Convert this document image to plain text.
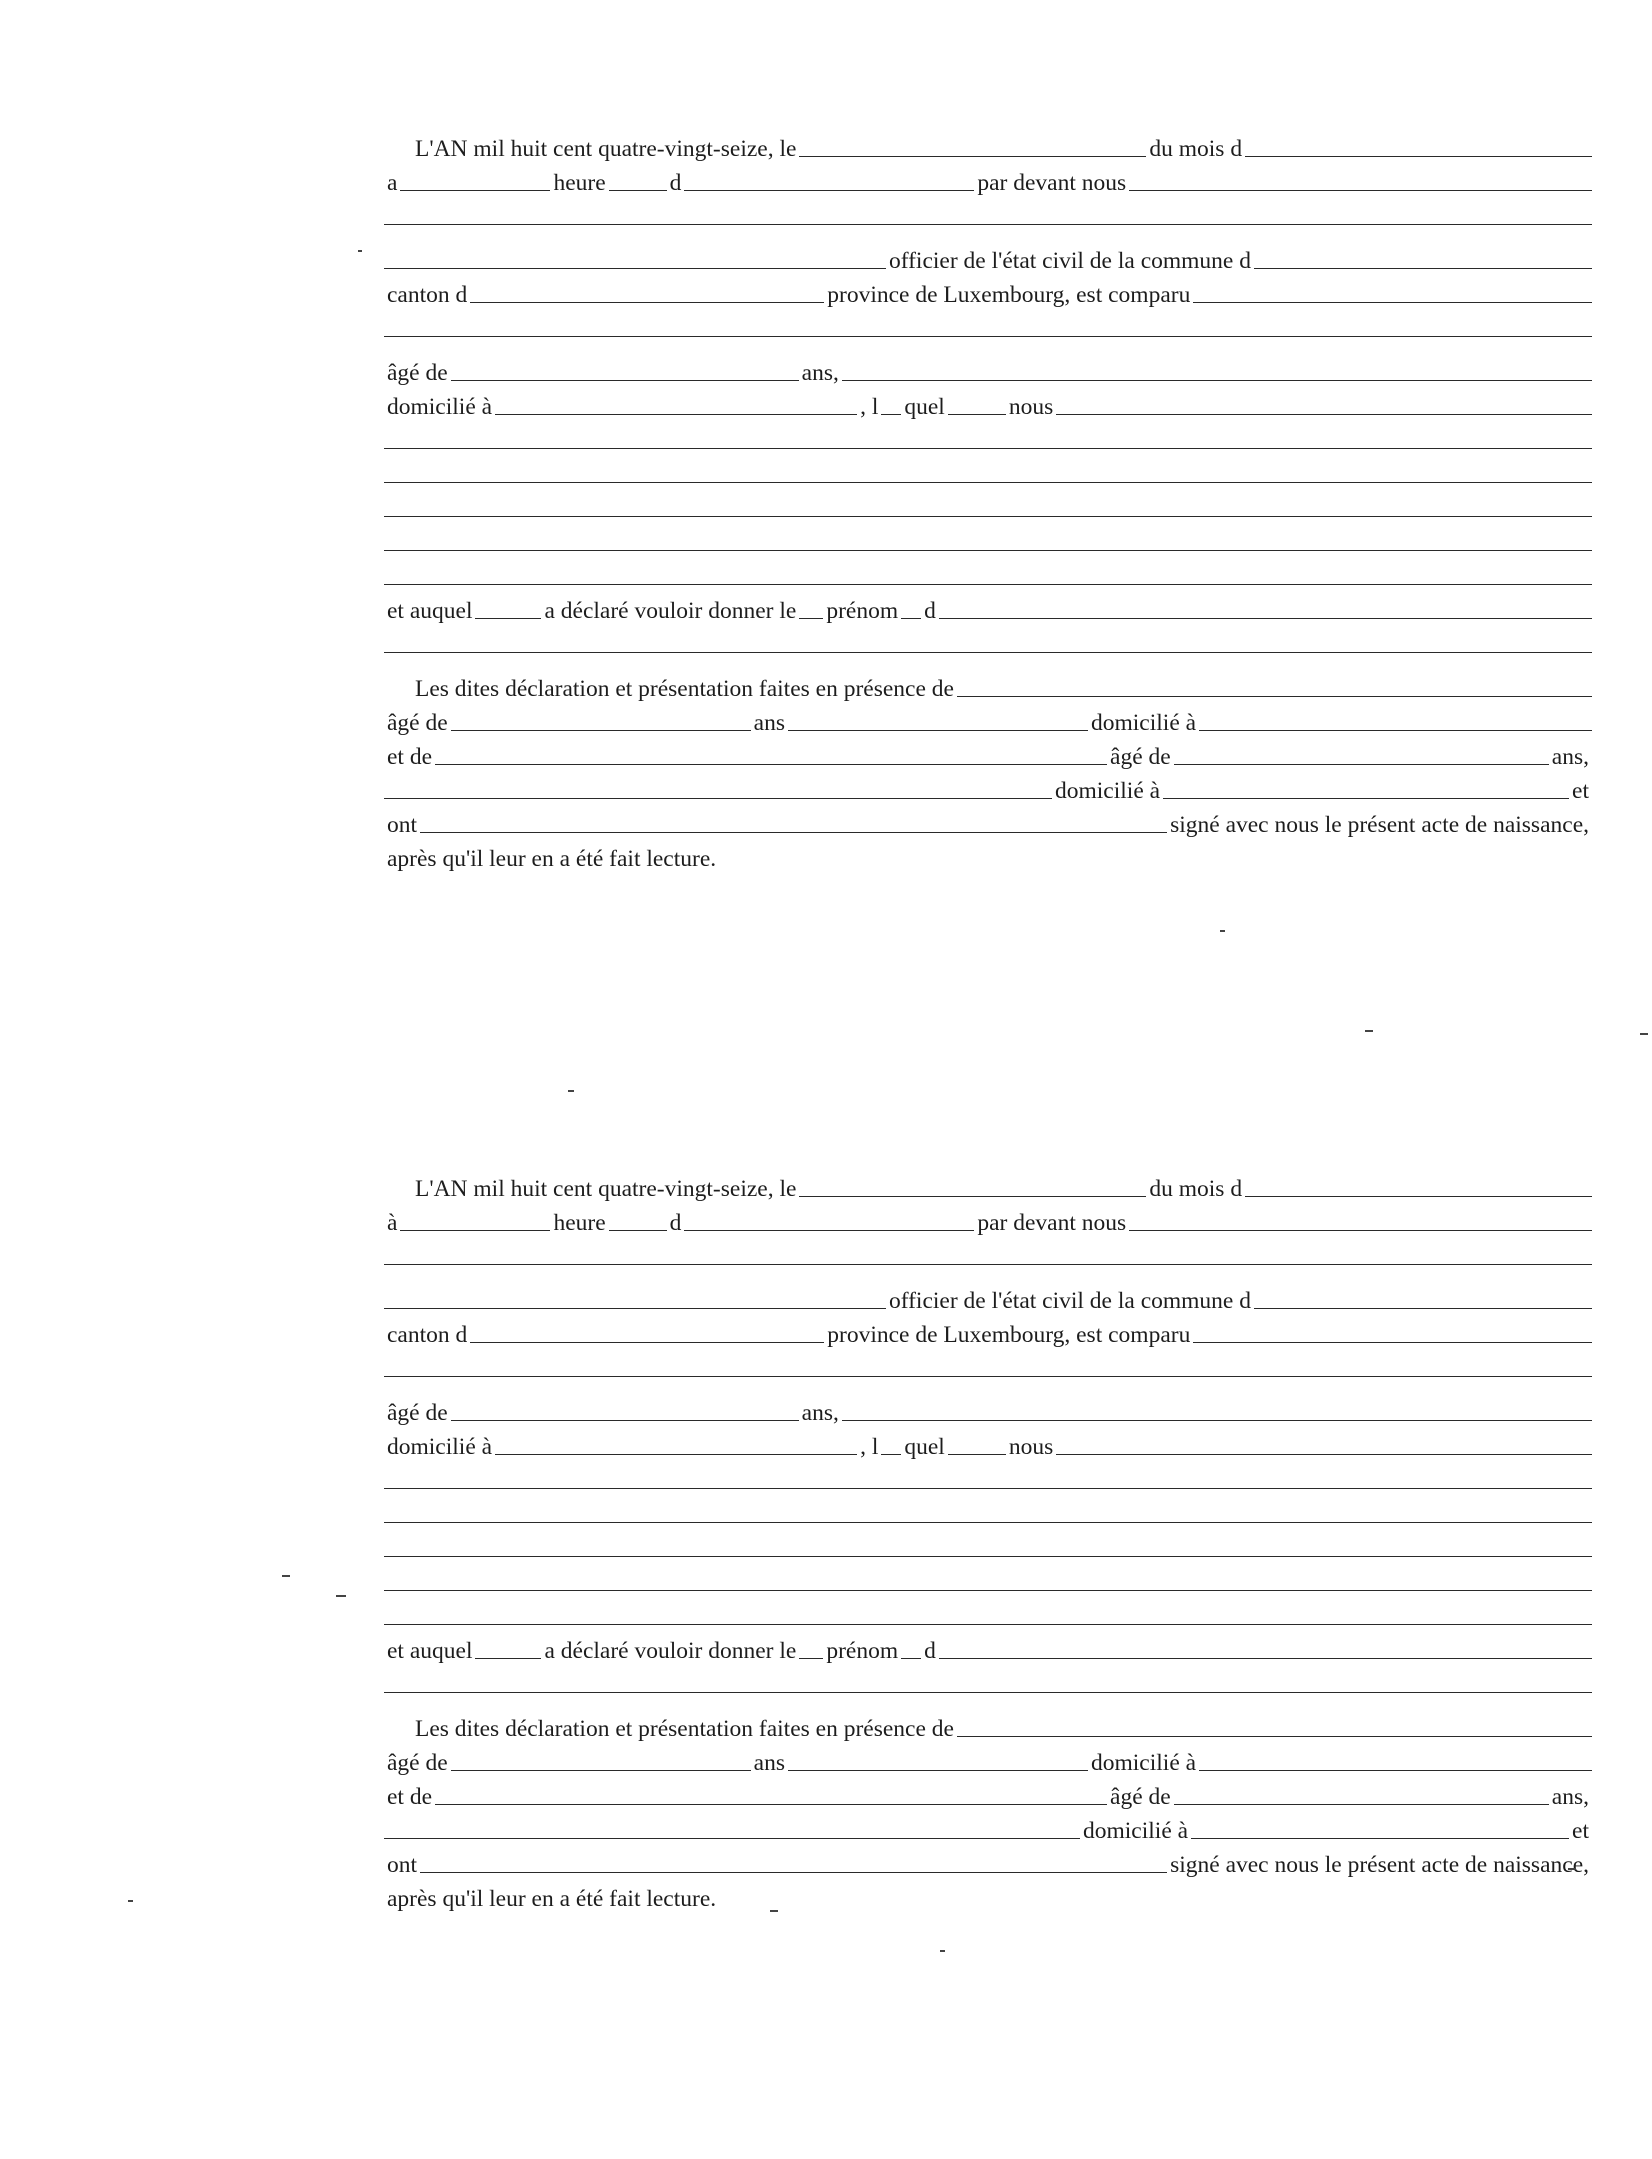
L'AN mil huit cent quatre-vingt-seize, le	du mois d
a	heure	d	par devant nous
officier de l'état civil de la commune d
canton d	province de Luxembourg, est comparu
âgé de	ans,
domicilié à	, l quel	nous
et auquel	a déclaré vouloir donner le prénom d
Les dites déclaration et présentation faites en présence de
âgé de	ans	domicilié à
et de	âgé de	ans,
domicilié à	et
ont	signé avec nous le présent acte de naissance,
après qu'il leur en a été fait lecture.
L'AN mil huit cent quatre-vingt-seize, le	du mois d
à	heure	d	par devant nous
officier de l'état civil de la commune d
canton d	province de Luxembourg, est comparu
âgé de	ans,
domicilié à	, l quel	nous
et auquel	a déclaré vouloir donner le prénom d
Les dites déclaration et présentation faites en présence de
âgé de	ans	domicilié à
et de	âgé de	ans,
domicilié à	et
ont	signé avec nous le présent acte de naissance,
après qu'il leur en a été fait lecture.
